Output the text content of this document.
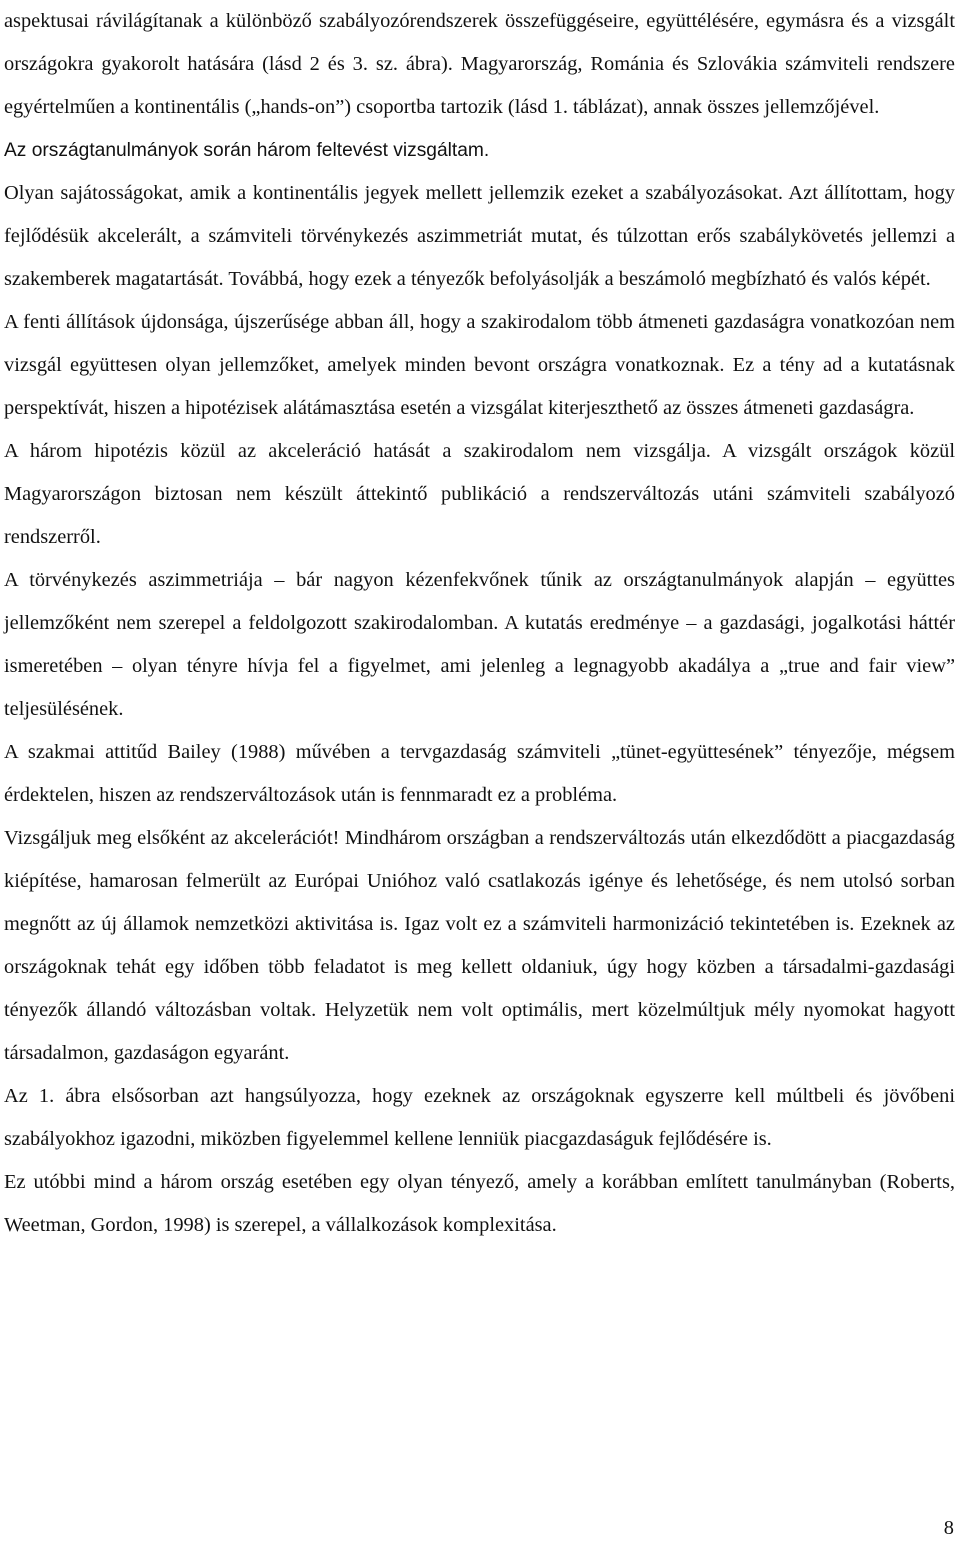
aspektusai rávilágítanak a különböző szabályozórendszerek összefüggéseire, együttélésére, egymásra és a vizsgált országokra gyakorolt hatására (lásd 2 és 3. sz. ábra). Magyarország, Románia és Szlovákia számviteli rendszere egyértelműen a kontinentális („hands-on”) csoportba tartozik (lásd 1. táblázat), annak összes jellemzőjével.

Az országtanulmányok során három feltevést vizsgáltam.

Olyan sajátosságokat, amik a kontinentális jegyek mellett jellemzik ezeket a szabályozásokat. Azt állítottam, hogy fejlődésük akcelerált, a számviteli törvénykezés aszimmetriát mutat, és túlzottan erős szabálykövetés jellemzi a szakemberek magatartását. Továbbá, hogy ezek a tényezők befolyásolják a beszámoló megbízható és valós képét.

A fenti állítások újdonsága, újszerűsége abban áll, hogy a szakirodalom több átmeneti gazdaságra vonatkozóan nem vizsgál együttesen olyan jellemzőket, amelyek minden bevont országra vonatkoznak. Ez a tény ad a kutatásnak perspektívát, hiszen a hipotézisek alátámasztása esetén a vizsgálat kiterjeszthető az összes átmeneti gazdaságra.

A három hipotézis közül az akceleráció hatását a szakirodalom nem vizsgálja. A vizsgált országok közül Magyarországon biztosan nem készült áttekintő publikáció a rendszerváltozás utáni számviteli szabályozó rendszerről.

A törvénykezés aszimmetriája – bár nagyon kézenfekvőnek tűnik az országtanulmányok alapján – együttes jellemzőként nem szerepel a feldolgozott szakirodalomban. A kutatás eredménye – a gazdasági, jogalkotási háttér ismeretében – olyan tényre hívja fel a figyelmet, ami jelenleg a legnagyobb akadálya a „true and fair view” teljesülésének.

A szakmai attitűd Bailey (1988) művében a tervgazdaság számviteli „tünet-együttesének” tényezője, mégsem érdektelen, hiszen az rendszerváltozások után is fennmaradt ez a probléma.

Vizsgáljuk meg elsőként az akcelerációt! Mindhárom országban a rendszerváltozás után elkezdődött a piacgazdaság kiépítése, hamarosan felmerült az Európai Unióhoz való csatlakozás igénye és lehetősége, és nem utolsó sorban megnőtt az új államok nemzetközi aktivitása is. Igaz volt ez a számviteli harmonizáció tekintetében is. Ezeknek az országoknak tehát egy időben több feladatot is meg kellett oldaniuk, úgy hogy közben a társadalmi-gazdasági tényezők állandó változásban voltak. Helyzetük nem volt optimális, mert közelmúltjuk mély nyomokat hagyott társadalmon, gazdaságon egyaránt.

Az 1. ábra elsősorban azt hangsúlyozza, hogy ezeknek az országoknak egyszerre kell múltbeli és jövőbeni szabályokhoz igazodni, miközben figyelemmel kellene lenniük piacgazdaságuk fejlődésére is.

Ez utóbbi mind a három ország esetében egy olyan tényező, amely a korábban említett tanulmányban (Roberts, Weetman, Gordon, 1998) is szerepel, a vállalkozások komplexitása.

8
